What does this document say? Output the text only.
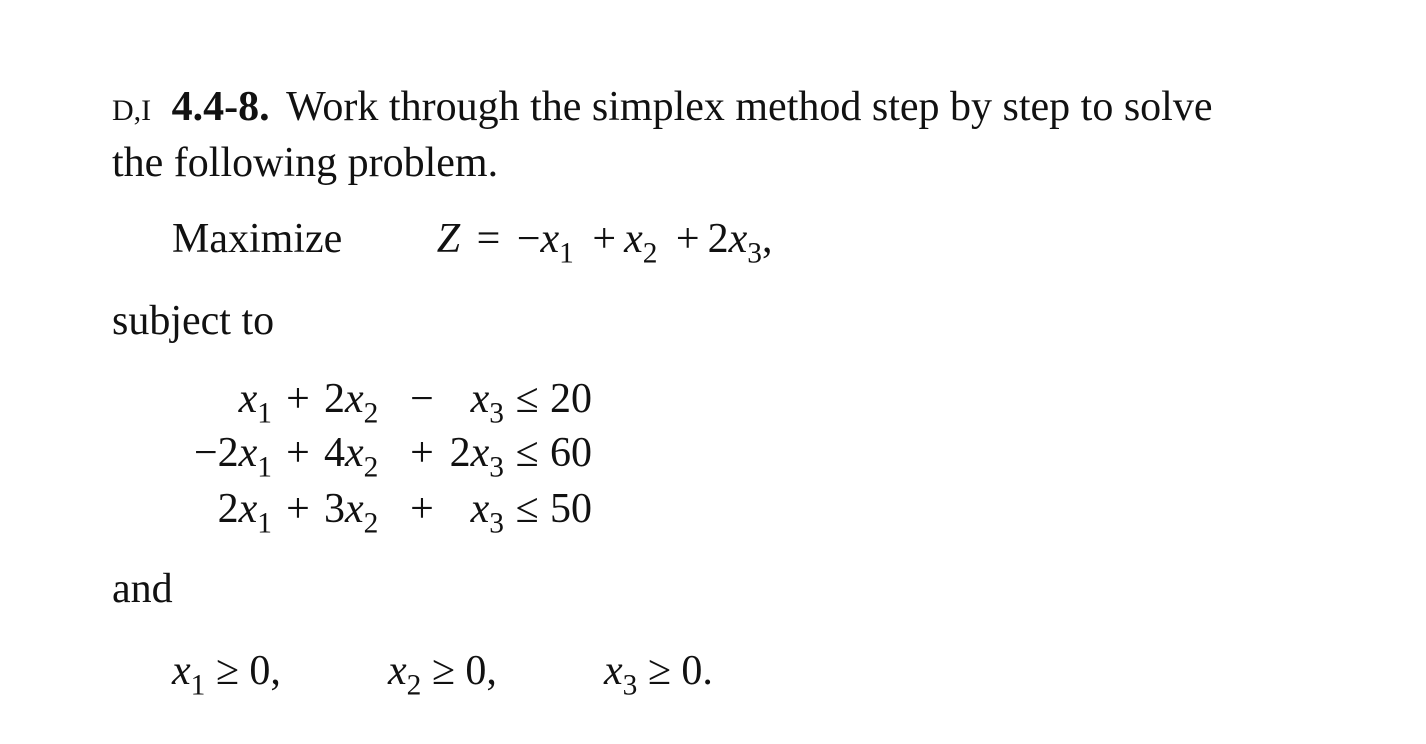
D,I 4.4-8. Work through the simplex method step by step to solve
the following problem.
Maximize $Z = -x_1 + x_2 + 2x_3$,
subject to
$x_1 + 2x_2 - x_3 \le 20$
$-2x_1 + 4x_2 + 2x_3 \le 60$
$2x_1 + 3x_2 + x_3 \le 50$
and
$x_1 \ge 0$,	$x_2 \ge 0$,	$x_3 \ge 0$.
